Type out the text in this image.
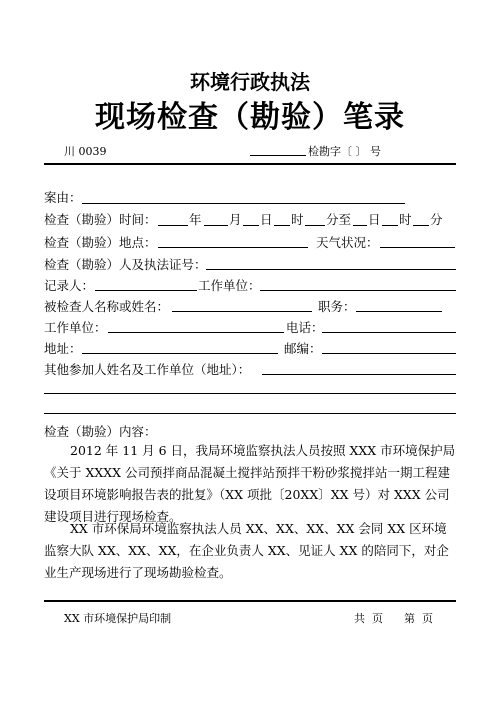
环境行政执法
现场检查（勘验）笔录
川 0039	检勘字〔 〕 号
案由：
检查（勘验）时间：	年 月 日 时 分至 日 时 分
检查（勘验）地点：	天气状况：
检查（勘验）人及执法证号：
记录人：	工作单位：
被检查人名称或姓名：	职务：
工作单位：	电话：
地址：	邮编：
其他参加人姓名及工作单位（地址）：
检查（勘验）内容：
2012 年 11 月 6 日，我局环境监察执法人员按照 XXX 市环境保护局《关于 XXXX 公司预拌商品混凝土搅拌站预拌干粉砂浆搅拌站一期工程建设项目环境影响报告表的批复》（XX 项批〔20XX〕XX 号）对 XXX 公司建设项目进行现场检查。
XX 市环保局环境监察执法人员 XX、XX、XX、XX 会同 XX 区环境监察大队 XX、XX、XX，在企业负责人 XX、见证人 XX 的陪同下，对企业生产现场进行了现场勘验检查。
XX 市环境保护局印制	共  页      第  页
